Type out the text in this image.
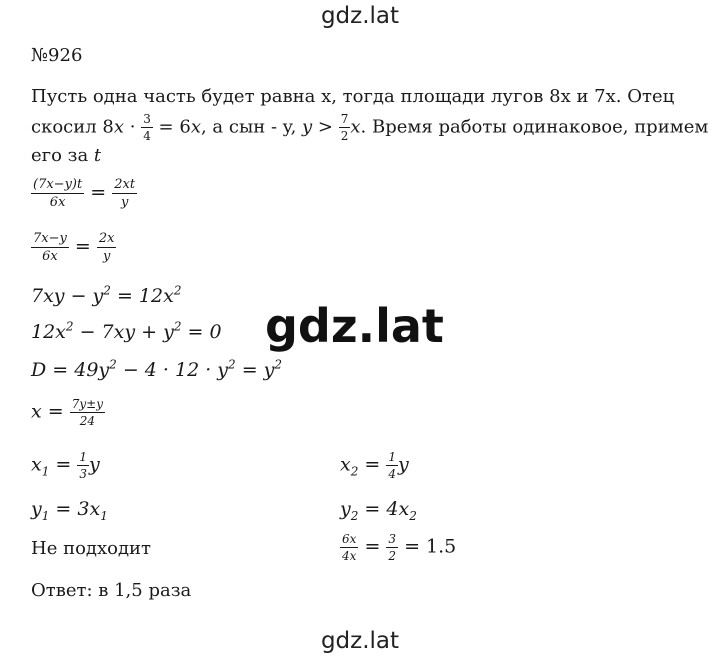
gdz.lat
№926
Пусть одна часть будет равна x, тогда площади лугов 8x и 7x. Отец
скосил $8x \cdot \frac{3}{4} = 6x$, а сын - y, $y > \frac{7}{2} x$. Время работы одинаковое, примем
его за t
$\frac{(7x-y)t}{6x} = \frac{2xt}{y}$
$\frac{7x-y}{6x} = \frac{2x}{y}$
$7xy - y^2 = 12x^2$
$12x^2 - 7xy + y^2 = 0$
$D = 49y^2 - 4 \cdot 12 \cdot y^2 = y^2$
$x = \frac{7y\pm y}{24}$
$x_1 = \frac{1}{3}$ y	$x_2 = \frac{1}{4}$ y
$y_1 = 3x_1$	$y_2 = 4x_2$
Не подходит	$\frac{6x}{4x} = \frac{3}{2} = 1.5$
Ответ: в 1,5 раза
gdz.lat
gdz.lat
